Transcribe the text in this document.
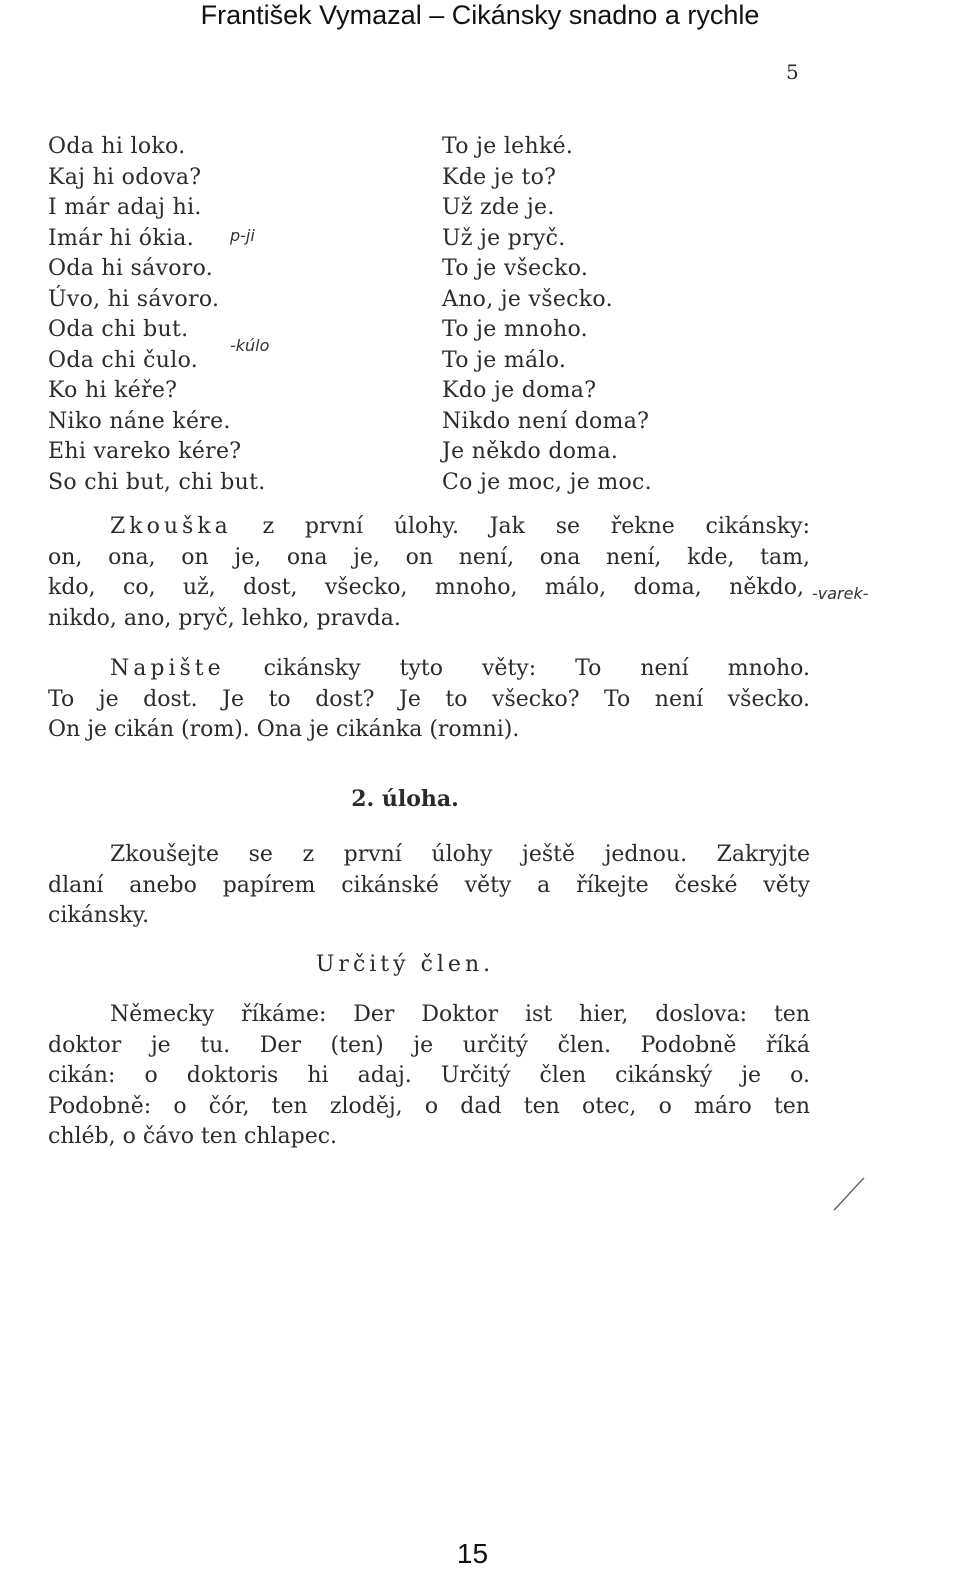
František Vymazal – Cikánsky snadno a rychle
5
Oda hi loko.
Kaj hi odova?
I már adaj hi.
Imár hi ókia.
Oda hi sávoro.
Úvo, hi sávoro.
Oda chi but.
Oda chi čulo.
Ko hi kéře?
Niko náne kére.
Ehi vareko kére?
So chi but, chi but.
To je lehké.
Kde je to?
Už zde je.
Už je pryč.
To je všecko.
Ano, je všecko.
To je mnoho.
To je málo.
Kdo je doma?
Nikdo není doma?
Je někdo doma.
Co je moc, je moc.
p-ji
-kúlo
-varek-
Zkouška z první úlohy. Jak se řekne cikánsky:
on, ona, on je, ona je, on není, ona není, kde, tam,
kdo, co, už, dost, všecko, mnoho, málo, doma, někdo,
nikdo, ano, pryč, lehko, pravda.
Napište cikánsky tyto věty: To není mnoho.
To je dost. Je to dost? Je to všecko? To není všecko.
On je cikán (rom). Ona je cikánka (romni).
2. úloha.
Zkoušejte se z první úlohy ještě jednou. Zakryjte
dlaní anebo papírem cikánské věty a říkejte české věty
cikánsky.
Určitý člen.
Německy říkáme: Der Doktor ist hier, doslova: ten
doktor je tu. Der (ten) je určitý člen. Podobně říká
cikán: o doktoris hi adaj. Určitý člen cikánský je o.
Podobně: o čór, ten zloděj, o dad ten otec, o máro ten
chléb, o čávo ten chlapec.
15
